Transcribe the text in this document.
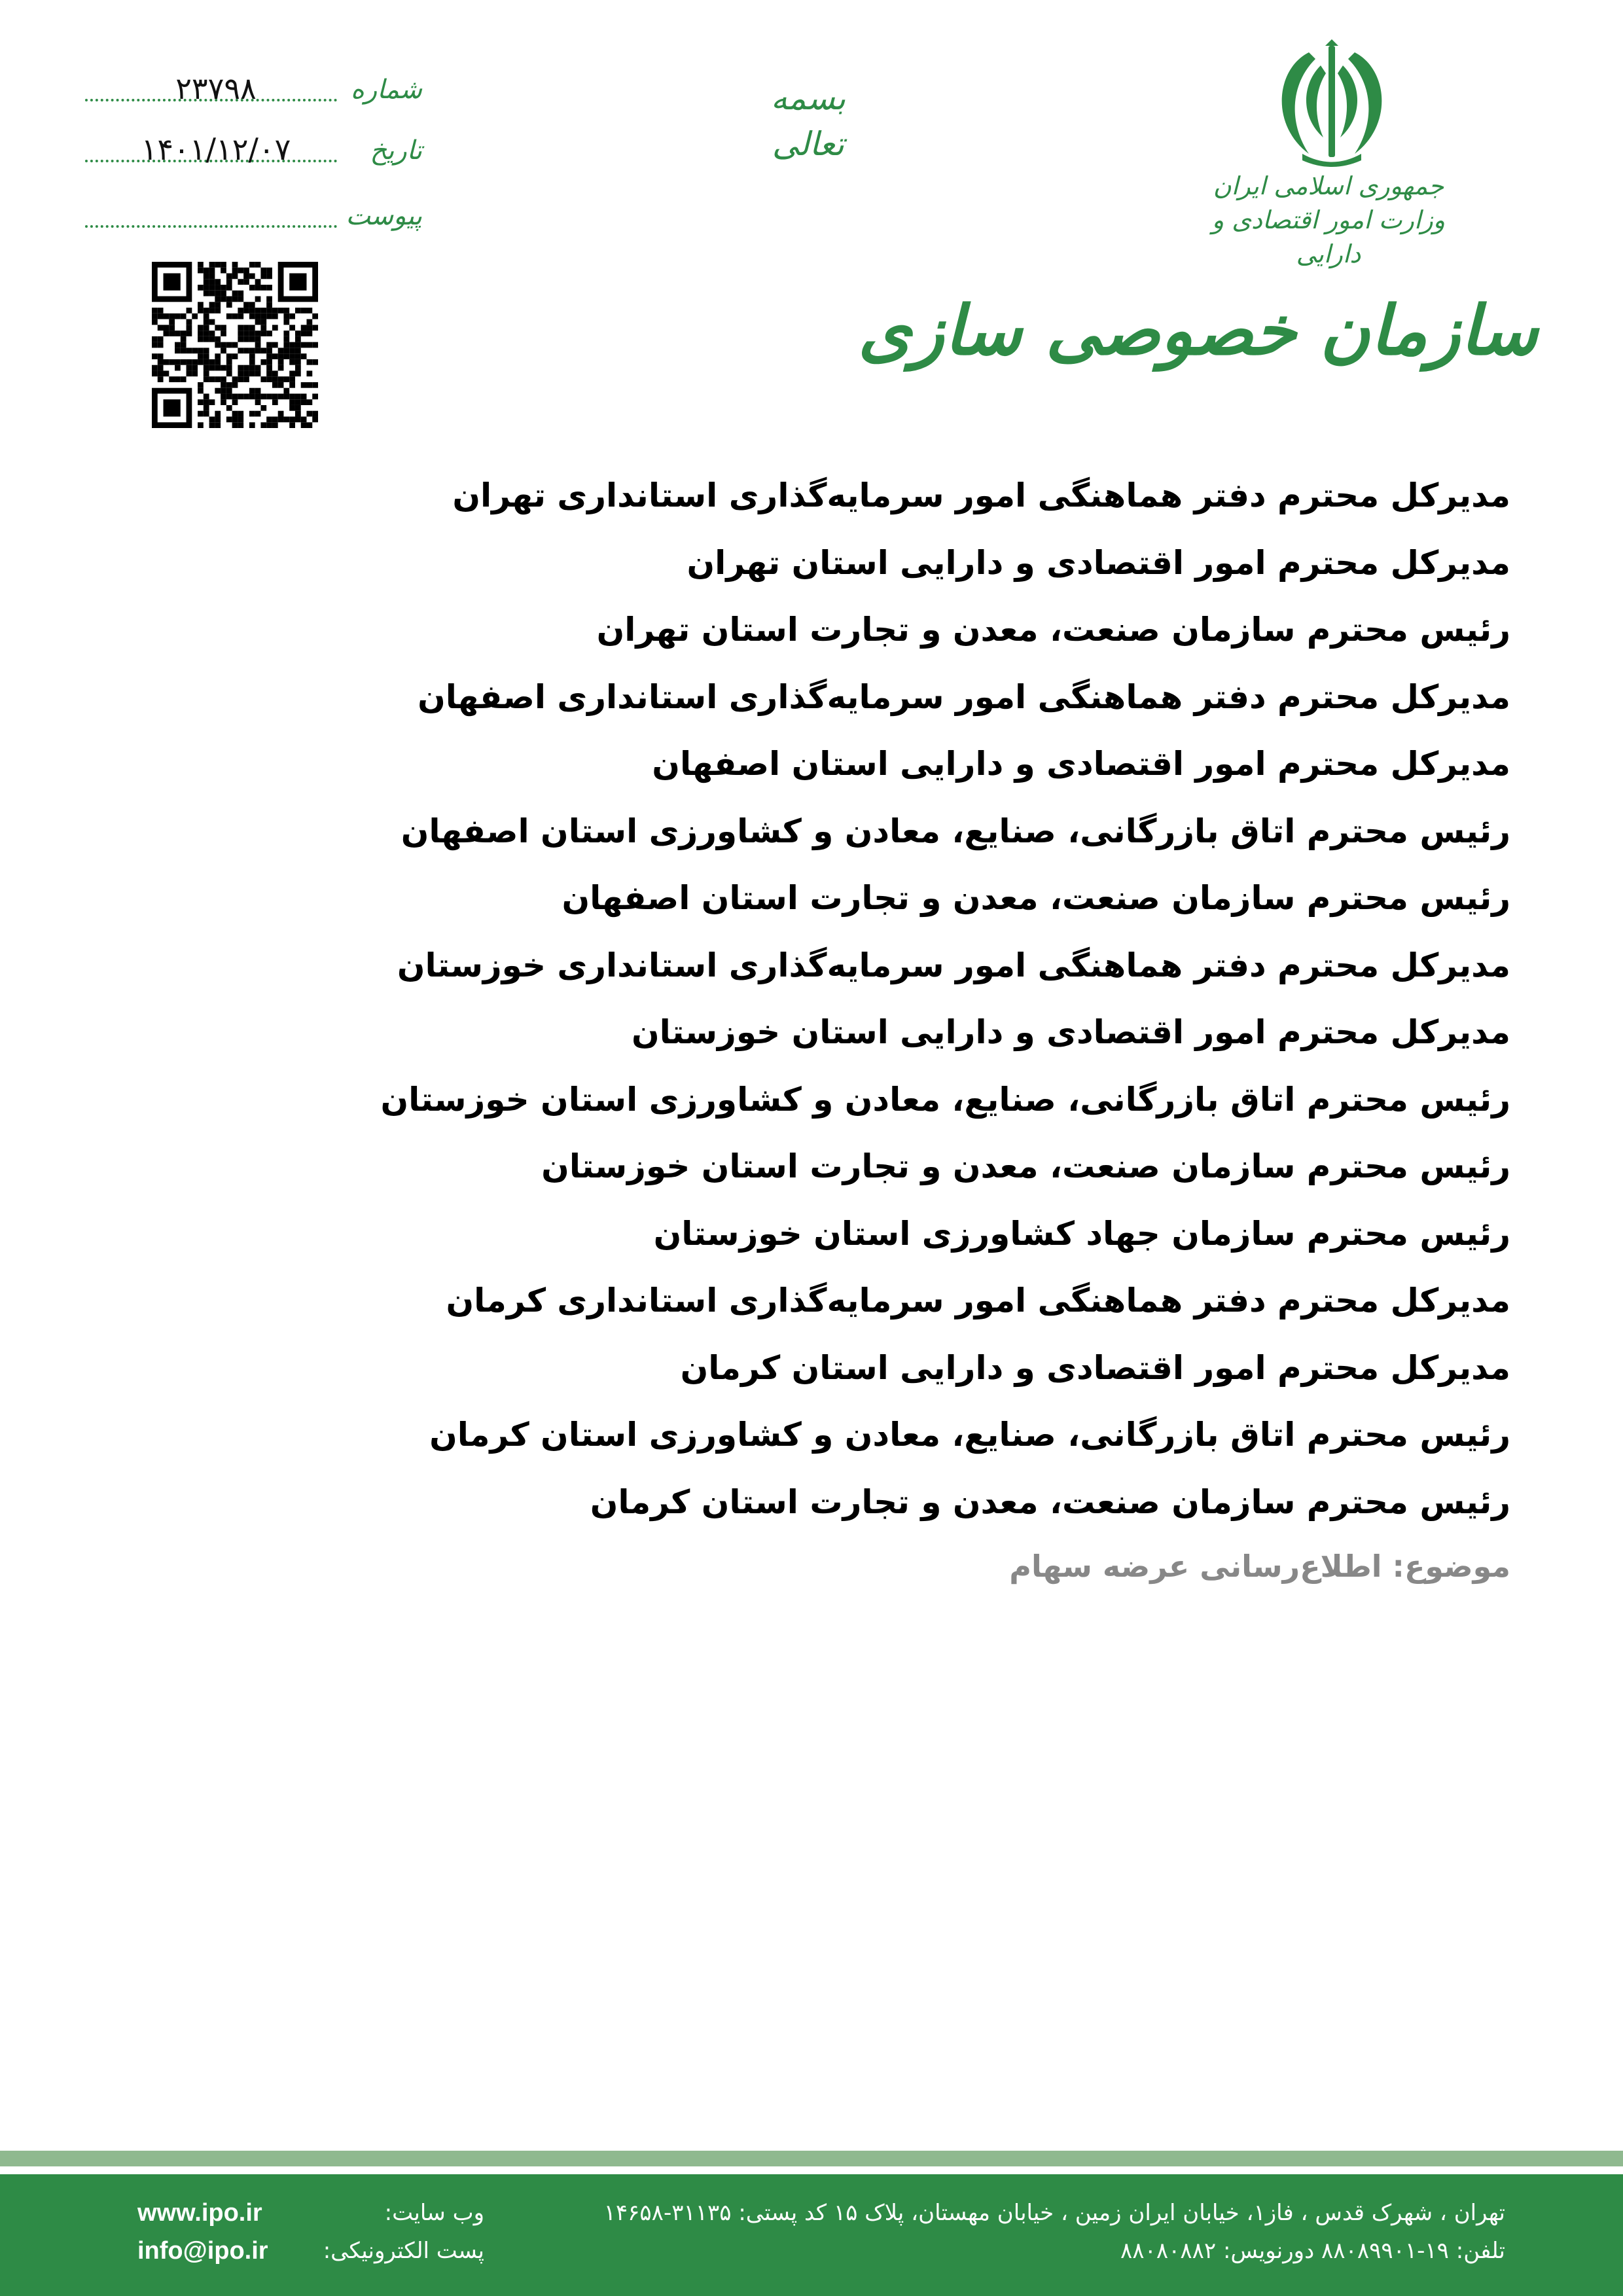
جمهوری اسلامی ایران
وزارت امور اقتصادی و دارایی
سازمان خصوصی سازی
بسمه تعالی
۲۳۷۹۸	شماره
۱۴۰۱/۱۲/۰۷	تاریخ
پیوست
مدیرکل محترم دفتر هماهنگی امور سرمایه‌گذاری استانداری تهران
مدیرکل محترم امور اقتصادی و دارایی استان تهران
رئیس محترم سازمان صنعت، معدن و تجارت استان تهران
مدیرکل محترم دفتر هماهنگی امور سرمایه‌گذاری استانداری اصفهان
مدیرکل محترم امور اقتصادی و دارایی استان اصفهان
رئیس محترم اتاق بازرگانی، صنایع، معادن و کشاورزی استان اصفهان
رئیس محترم سازمان صنعت، معدن و تجارت استان اصفهان
مدیرکل محترم دفتر هماهنگی امور سرمایه‌گذاری استانداری خوزستان
مدیرکل محترم امور اقتصادی و دارایی استان خوزستان
رئیس محترم اتاق بازرگانی، صنایع، معادن و کشاورزی استان خوزستان
رئیس محترم سازمان صنعت، معدن و تجارت استان خوزستان
رئیس محترم سازمان جهاد کشاورزی استان خوزستان
مدیرکل محترم دفتر هماهنگی امور سرمایه‌گذاری استانداری کرمان
مدیرکل محترم امور اقتصادی و دارایی استان کرمان
رئیس محترم اتاق بازرگانی، صنایع، معادن و کشاورزی استان کرمان
رئیس محترم سازمان صنعت، معدن و تجارت استان کرمان
موضوع: اطلاع‌رسانی عرضه سهام
تهران ، شهرک قدس ، فاز۱، خیابان ایران زمین ، خیابان مهستان، پلاک ۱۵ کد پستی: ۳۱۱۳۵-۱۴۶۵۸
تلفن: ۱۹-۸۸۰۸۹۹۰۱ دورنویس: ۸۸۰۸۰۸۸۲
www.ipo.ir	وب سایت:
info@ipo.ir پست الکترونیکی:
